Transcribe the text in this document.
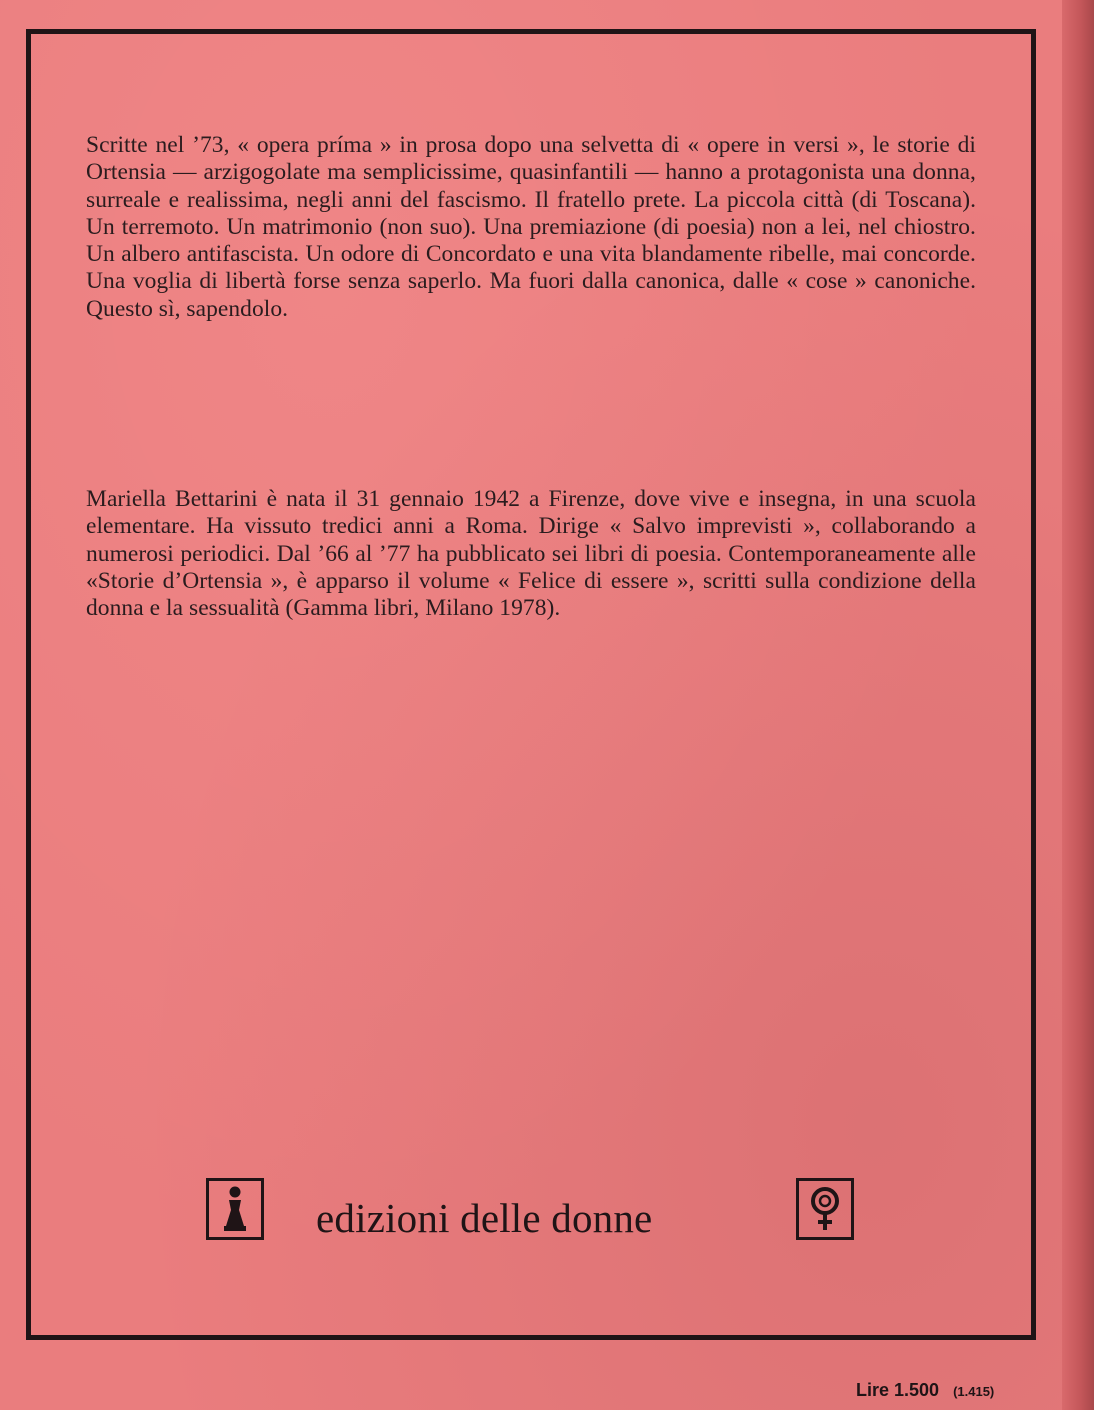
Scritte nel ’73, « opera príma » in prosa dopo una selvetta di « opere in versi », le storie di Ortensia — arzigogolate ma semplicissime, quasinfantili — hanno a protagonista una donna, surreale e realissima, negli anni del fascismo. Il fratello prete. La piccola città (di Toscana). Un terremoto. Un matrimonio (non suo). Una premiazione (di poesia) non a lei, nel chiostro. Un albero antifascista. Un odore di Concordato e una vita blandamente ribelle, mai concorde. Una voglia di libertà forse senza saperlo. Ma fuori dalla canonica, dalle « cose » canoniche. Questo sì, sapendolo.

Mariella Bettarini è nata il 31 gennaio 1942 a Firenze, dove vive e insegna, in una scuola elementare. Ha vissuto tredici anni a Roma. Dirige « Salvo imprevisti », collaborando a numerosi periodici. Dal ’66 al ’77 ha pubblicato sei libri di poesia. Contemporaneamente alle «Storie d’Ortensia », è apparso il volume « Felice di essere », scritti sulla condizione della donna e la sessualità (Gamma libri, Milano 1978).

edizioni delle donne
Lire 1.500 (1.415)
